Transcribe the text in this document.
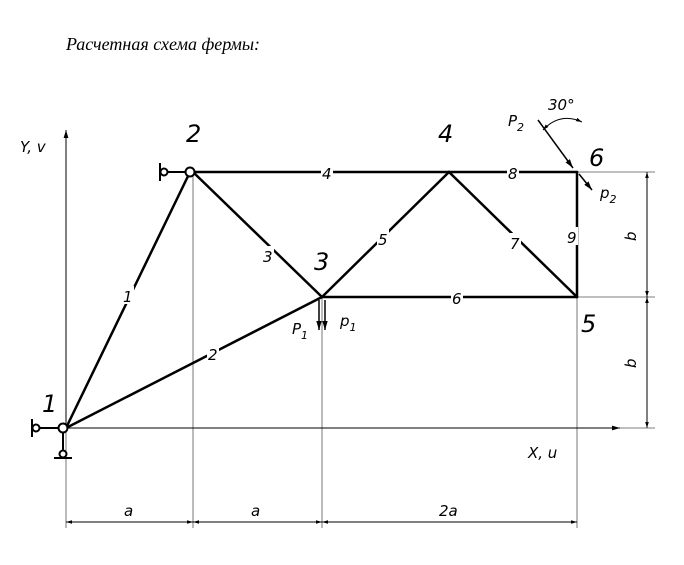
Расчетная схема фермы:
Y, v
X, u
1
2
3
4
5
6
7
8
9
1
2
3
4
5
6
$P_1$
$p_1$
$P_2$
30°
$p_2$
a	a	2a
b
b
